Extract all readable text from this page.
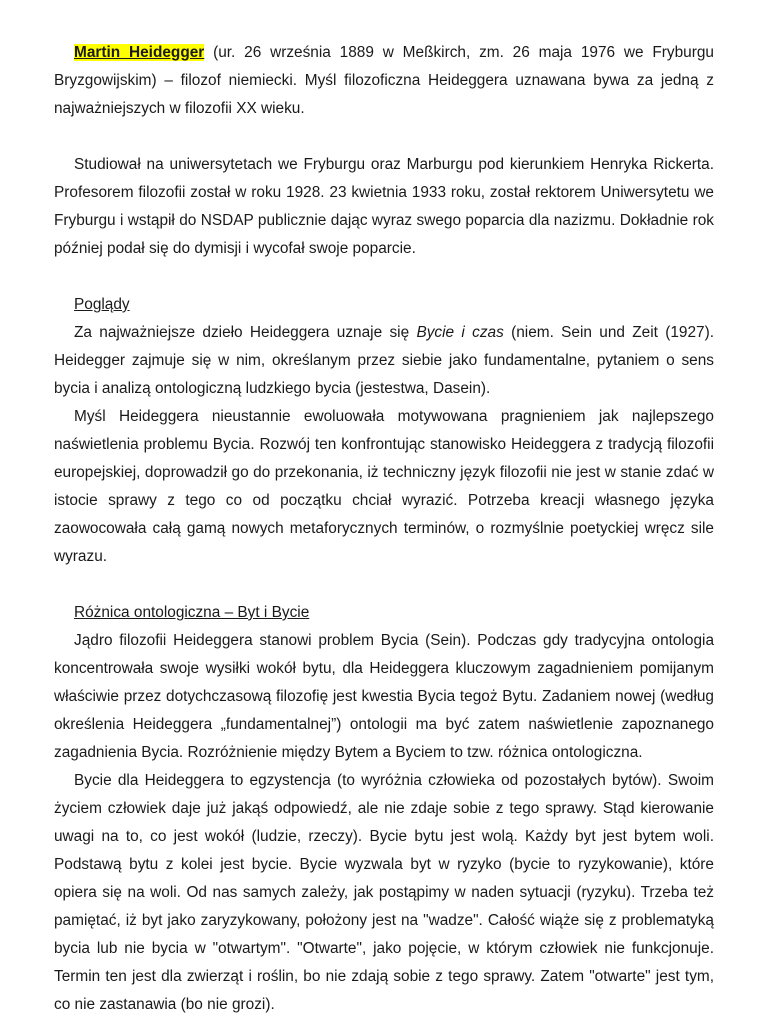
Martin Heidegger (ur. 26 września 1889 w Meßkirch, zm. 26 maja 1976 we Fryburgu Bryzgowijskim) – filozof niemiecki. Myśl filozoficzna Heideggera uznawana bywa za jedną z najważniejszych w filozofii XX wieku.

Studiował na uniwersytetach we Fryburgu oraz Marburgu pod kierunkiem Henryka Rickerta. Profesorem filozofii został w roku 1928. 23 kwietnia 1933 roku, został rektorem Uniwersytetu we Fryburgu i wstąpił do NSDAP publicznie dając wyraz swego poparcia dla nazizmu. Dokładnie rok później podał się do dymisji i wycofał swoje poparcie.

Poglądy

Za najważniejsze dzieło Heideggera uznaje się Bycie i czas (niem. Sein und Zeit (1927). Heidegger zajmuje się w nim, określanym przez siebie jako fundamentalne, pytaniem o sens bycia i analizą ontologiczną ludzkiego bycia (jestestwa, Dasein).

Myśl Heideggera nieustannie ewoluowała motywowana pragnieniem jak najlepszego naświetlenia problemu Bycia. Rozwój ten konfrontując stanowisko Heideggera z tradycją filozofii europejskiej, doprowadził go do przekonania, iż techniczny język filozofii nie jest w stanie zdać w istocie sprawy z tego co od początku chciał wyrazić. Potrzeba kreacji własnego języka zaowocowała całą gamą nowych metaforycznych terminów, o rozmyślnie poetyckiej wręcz sile wyrazu.

Różnica ontologiczna – Byt i Bycie

Jądro filozofii Heideggera stanowi problem Bycia (Sein). Podczas gdy tradycyjna ontologia koncentrowała swoje wysiłki wokół bytu, dla Heideggera kluczowym zagadnieniem pomijanym właściwie przez dotychczasową filozofię jest kwestia Bycia tegoż Bytu. Zadaniem nowej (według określenia Heideggera „fundamentalnej”) ontologii ma być zatem naświetlenie zapoznanego zagadnienia Bycia. Rozróżnienie między Bytem a Byciem to tzw. różnica ontologiczna.

Bycie dla Heideggera to egzystencja (to wyróżnia człowieka od pozostałych bytów). Swoim życiem człowiek daje już jakąś odpowiedź, ale nie zdaje sobie z tego sprawy. Stąd kierowanie uwagi na to, co jest wokół (ludzie, rzeczy). Bycie bytu jest wolą. Każdy byt jest bytem woli. Podstawą bytu z kolei jest bycie. Bycie wyzwala byt w ryzyko (bycie to ryzykowanie), które opiera się na woli. Od nas samych zależy, jak postąpimy w naden sytuacji (ryzyku). Trzeba też pamiętać, iż byt jako zaryzykowany, położony jest na "wadze". Całość wiąże się z problematyką bycia lub nie bycia w "otwartym". "Otwarte", jako pojęcie, w którym człowiek nie funkcjonuje. Termin ten jest dla zwierząt i roślin, bo nie zdają sobie z tego sprawy. Zatem "otwarte" jest tym, co nie zastanawia (bo nie grozi).
